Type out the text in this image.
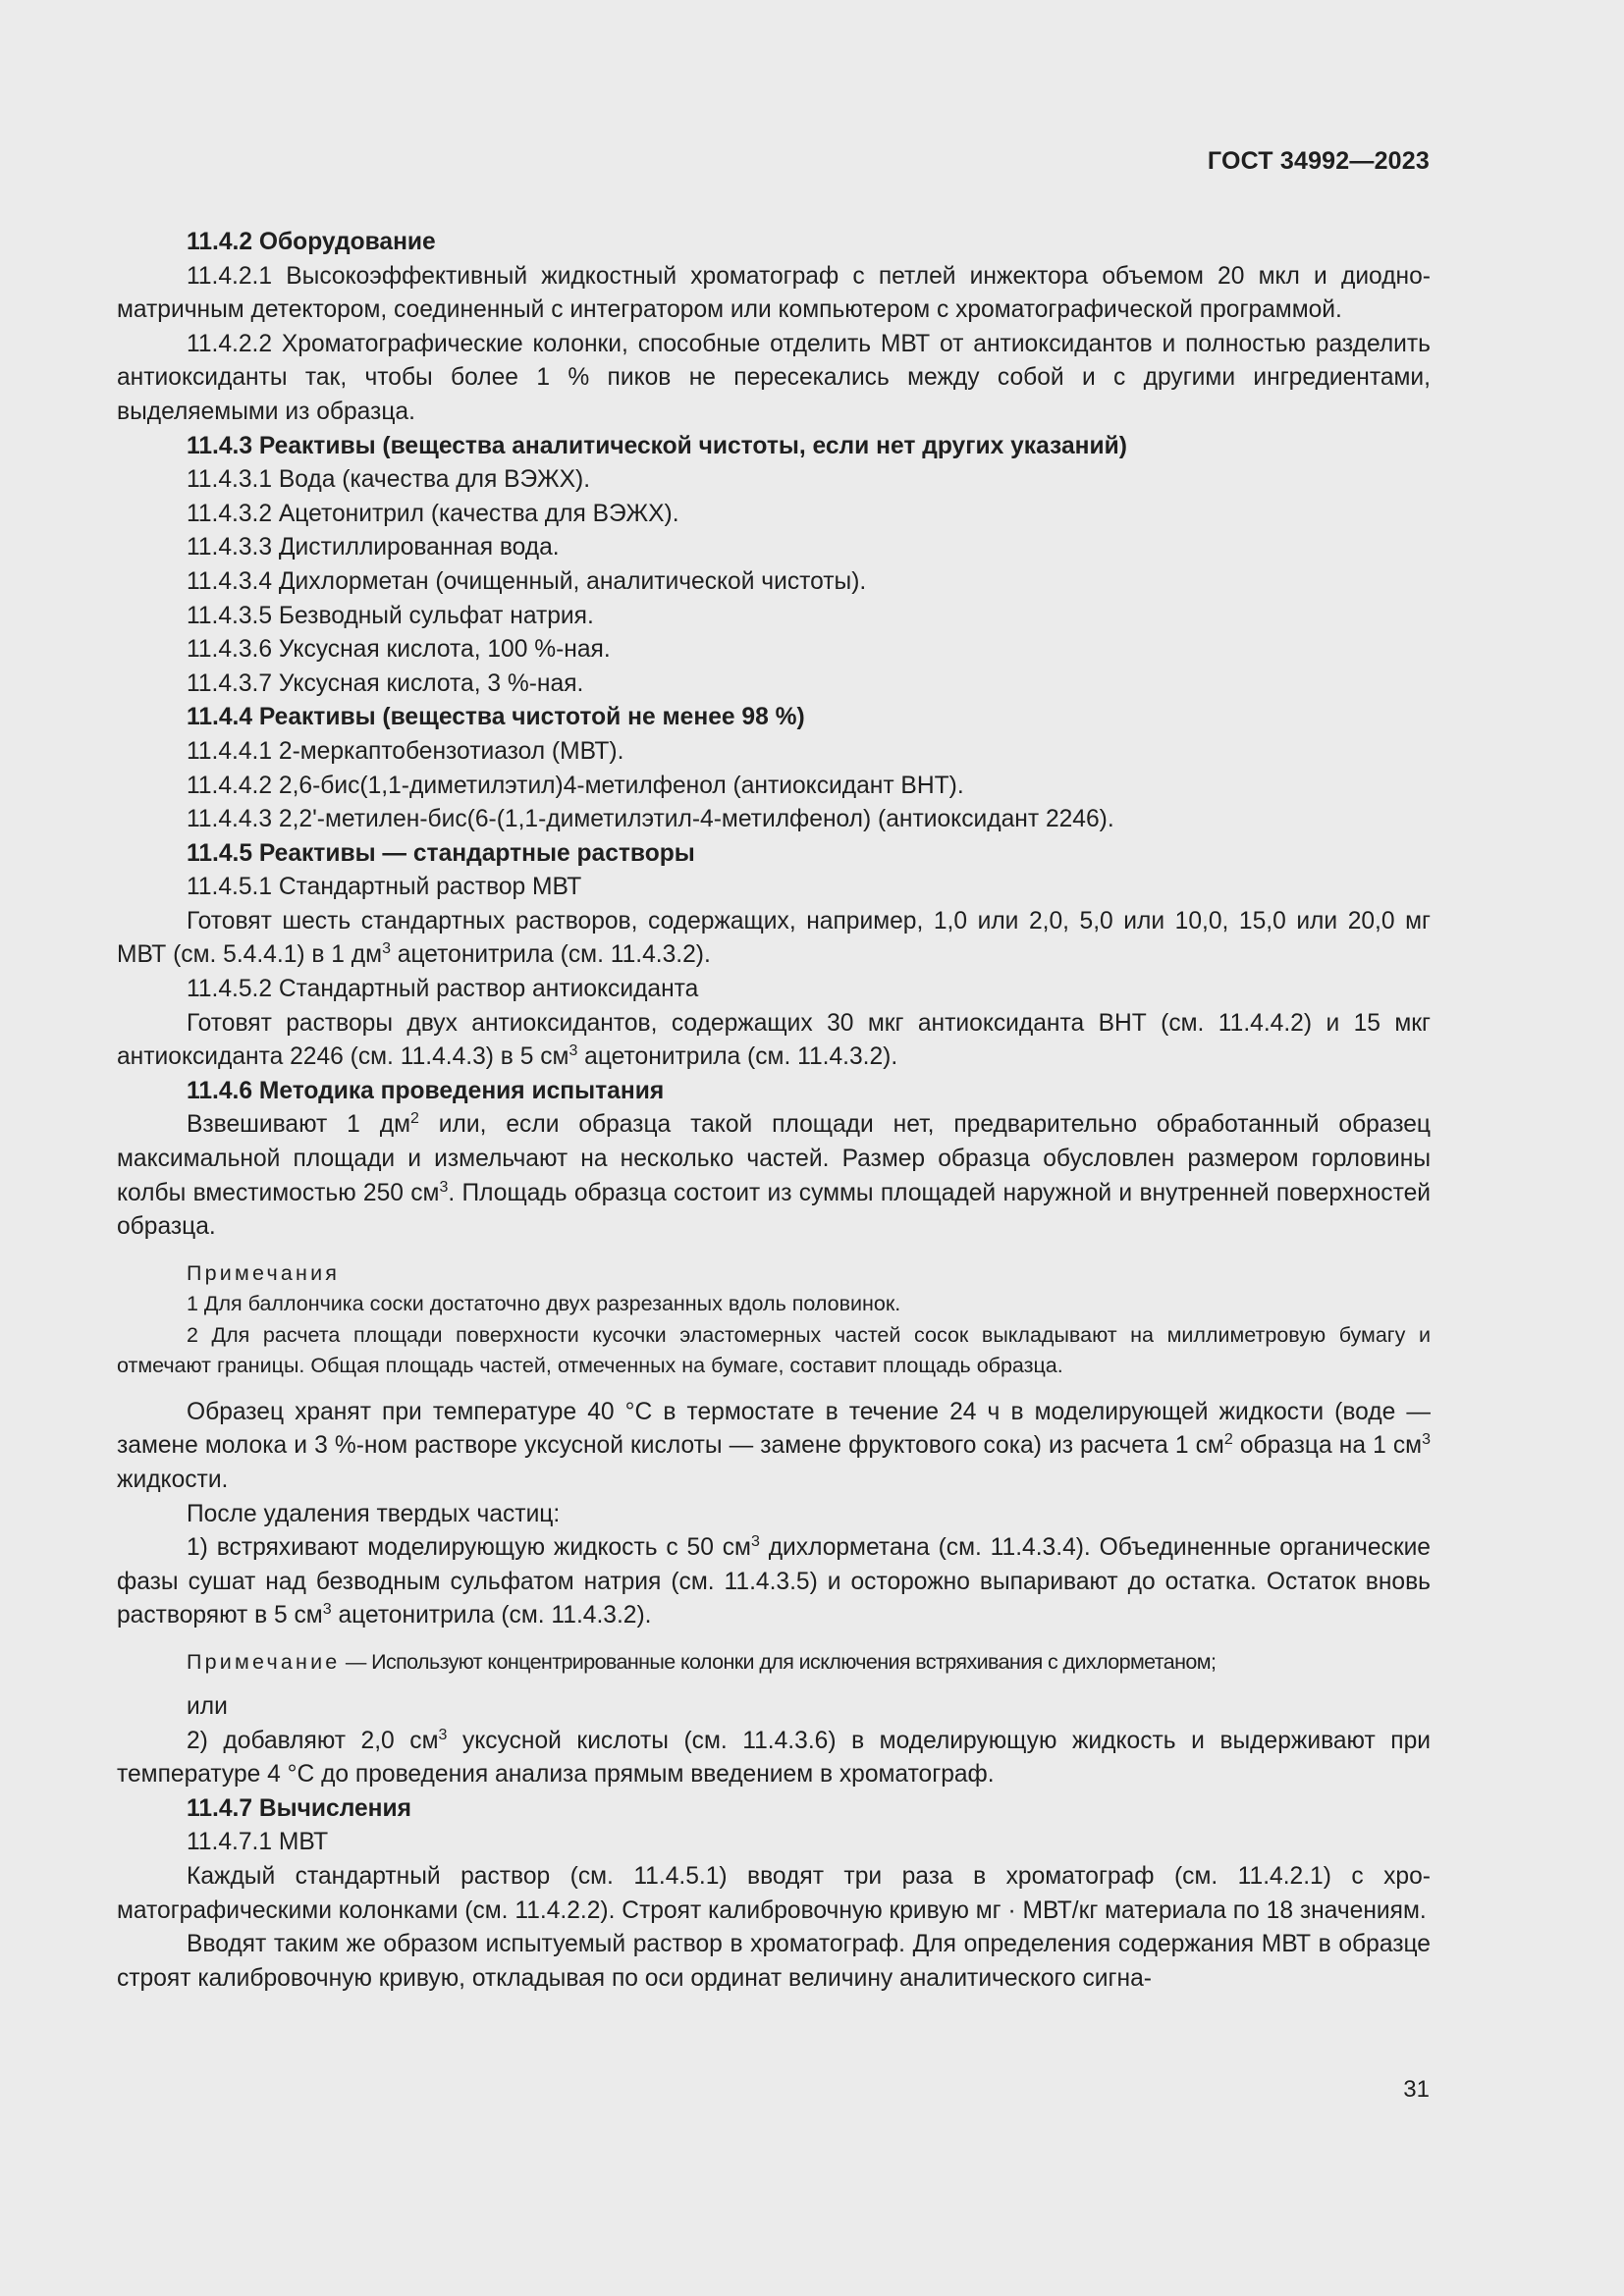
ГОСТ 34992—2023

11.4.2 Оборудование

11.4.2.1 Высокоэффективный жидкостный хроматограф с петлей инжектора объемом 20 мкл и диодно-матричным детектором, соединенный с интегратором или компьютером с хроматографической программой.

11.4.2.2 Хроматографические колонки, способные отделить МВТ от антиоксидантов и полностью разделить антиоксиданты так, чтобы более 1 % пиков не пересекались между собой и с другими ингредиентами, выделяемыми из образца.

11.4.3 Реактивы (вещества аналитической чистоты, если нет других указаний)

11.4.3.1 Вода (качества для ВЭЖХ).

11.4.3.2 Ацетонитрил (качества для ВЭЖХ).

11.4.3.3 Дистиллированная вода.

11.4.3.4 Дихлорметан (очищенный, аналитической чистоты).

11.4.3.5 Безводный сульфат натрия.

11.4.3.6 Уксусная кислота, 100 %-ная.

11.4.3.7 Уксусная кислота, 3 %-ная.

11.4.4 Реактивы (вещества чистотой не менее 98 %)

11.4.4.1 2-меркаптобензотиазол (МВТ).

11.4.4.2 2,6-бис(1,1-диметилэтил)4-метилфенол (антиоксидант ВНТ).

11.4.4.3 2,2'-метилен-бис(6-(1,1-диметилэтил-4-метилфенол) (антиоксидант 2246).

11.4.5 Реактивы — стандартные растворы

11.4.5.1 Стандартный раствор МВТ

Готовят шесть стандартных растворов, содержащих, например, 1,0 или 2,0, 5,0 или 10,0, 15,0 или 20,0 мг МВТ (см. 5.4.4.1) в 1 $дм^3$ ацетонитрила (см. 11.4.3.2).

11.4.5.2 Стандартный раствор антиоксиданта

Готовят растворы двух антиоксидантов, содержащих 30 мкг антиоксиданта ВНТ (см. 11.4.4.2) и 15 мкг антиоксиданта 2246 (см. 11.4.4.3) в 5 $см^3$ ацетонитрила (см. 11.4.3.2).

11.4.6 Методика проведения испытания

Взвешивают 1 $дм^2$ или, если образца такой площади нет, предварительно обработанный образец максимальной площади и измельчают на несколько частей. Размер образца обусловлен размером горловины колбы вместимостью 250 $см^3$. Площадь образца состоит из суммы площадей наружной и внутренней поверхностей образца.

Примечания

1 Для баллончика соски достаточно двух разрезанных вдоль половинок.

2 Для расчета площади поверхности кусочки эластомерных частей сосок выкладывают на миллиметровую бумагу и отмечают границы. Общая площадь частей, отмеченных на бумаге, составит площадь образца.

Образец хранят при температуре 40 °С в термостате в течение 24 ч в моделирующей жидкости (воде — замене молока и 3 %-ном растворе уксусной кислоты — замене фруктового сока) из расчета 1 $см^2$ образца на 1 $см^3$ жидкости.

После удаления твердых частиц:

1) встряхивают моделирующую жидкость с 50 $см^3$ дихлорметана (см. 11.4.3.4). Объединенные органические фазы сушат над безводным сульфатом натрия (см. 11.4.3.5) и осторожно выпаривают до остатка. Остаток вновь растворяют в 5 $см^3$ ацетонитрила (см. 11.4.3.2).

Примечание — Используют концентрированные колонки для исключения встряхивания с дихлорметаном;

или

2) добавляют 2,0 $см^3$ уксусной кислоты (см. 11.4.3.6) в моделирующую жидкость и выдерживают при температуре 4 °С до проведения анализа прямым введением в хроматограф.

11.4.7 Вычисления

11.4.7.1 МВТ

Каждый стандартный раствор (см. 11.4.5.1) вводят три раза в хроматограф (см. 11.4.2.1) с хроматографическими колонками (см. 11.4.2.2). Строят калибровочную кривую мг · МВТ/кг материала по 18 значениям.

Вводят таким же образом испытуемый раствор в хроматограф. Для определения содержания МВТ в образце строят калибровочную кривую, откладывая по оси ординат величину аналитического сигна-

31
